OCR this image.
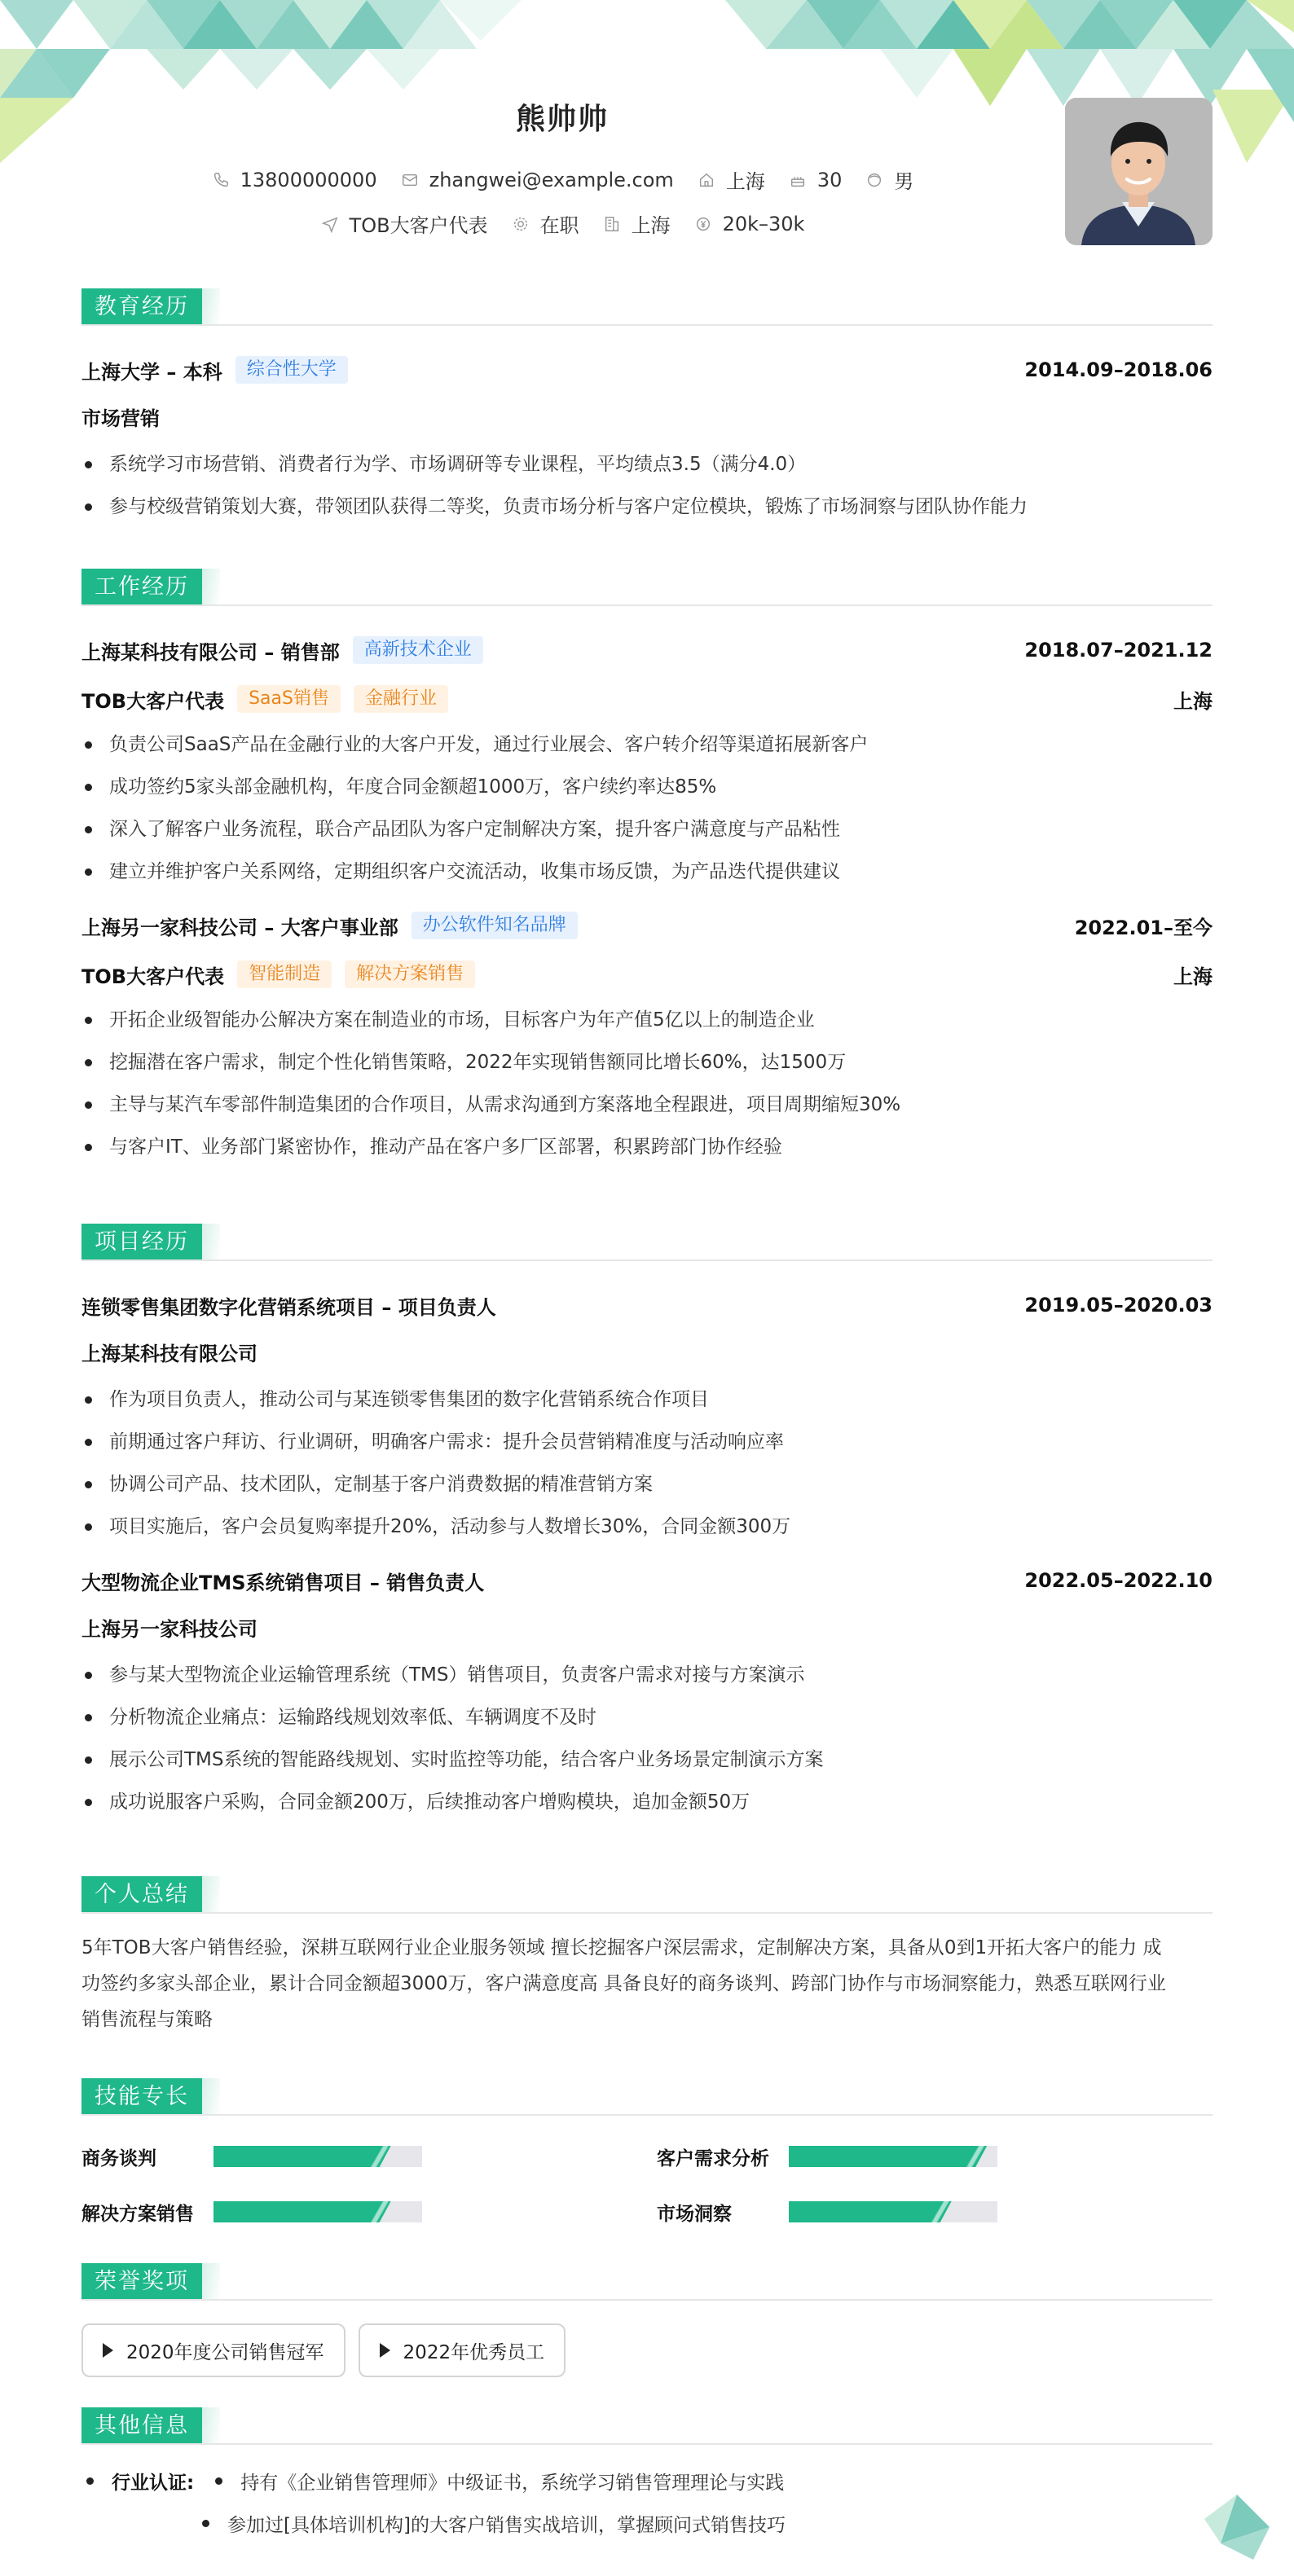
熊帅帅
13800000000	zhangwei@example.com	上海	30	男
TOB大客户代表	在职	上海	20k–30k
教育经历
上海大学 – 本科	综合性大学	2014.09–2018.06
市场营销
系统学习市场营销、消费者行为学、市场调研等专业课程，平均绩点3.5（满分4.0）
参与校级营销策划大赛，带领团队获得二等奖，负责市场分析与客户定位模块，锻炼了市场洞察与团队协作能力
工作经历
上海某科技有限公司 – 销售部	高新技术企业	2018.07–2021.12
TOB大客户代表	SaaS销售	金融行业	上海
负责公司SaaS产品在金融行业的大客户开发，通过行业展会、客户转介绍等渠道拓展新客户
成功签约5家头部金融机构，年度合同金额超1000万，客户续约率达85%
深入了解客户业务流程，联合产品团队为客户定制解决方案，提升客户满意度与产品粘性
建立并维护客户关系网络，定期组织客户交流活动，收集市场反馈，为产品迭代提供建议
上海另一家科技公司 – 大客户事业部	办公软件知名品牌	2022.01–至今
TOB大客户代表	智能制造	解决方案销售	上海
开拓企业级智能办公解决方案在制造业的市场，目标客户为年产值5亿以上的制造企业
挖掘潜在客户需求，制定个性化销售策略，2022年实现销售额同比增长60%，达1500万
主导与某汽车零部件制造集团的合作项目，从需求沟通到方案落地全程跟进，项目周期缩短30%
与客户IT、业务部门紧密协作，推动产品在客户多厂区部署，积累跨部门协作经验
项目经历
连锁零售集团数字化营销系统项目 – 项目负责人	2019.05–2020.03
上海某科技有限公司
作为项目负责人，推动公司与某连锁零售集团的数字化营销系统合作项目
前期通过客户拜访、行业调研，明确客户需求：提升会员营销精准度与活动响应率
协调公司产品、技术团队，定制基于客户消费数据的精准营销方案
项目实施后，客户会员复购率提升20%，活动参与人数增长30%，合同金额300万
大型物流企业TMS系统销售项目 – 销售负责人	2022.05–2022.10
上海另一家科技公司
参与某大型物流企业运输管理系统（TMS）销售项目，负责客户需求对接与方案演示
分析物流企业痛点：运输路线规划效率低、车辆调度不及时
展示公司TMS系统的智能路线规划、实时监控等功能，结合客户业务场景定制演示方案
成功说服客户采购，合同金额200万，后续推动客户增购模块，追加金额50万
个人总结
5年TOB大客户销售经验，深耕互联网行业企业服务领域 擅长挖掘客户深层需求，定制解决方案，具备从0到1开拓大客户的能力 成
功签约多家头部企业，累计合同金额超3000万，客户满意度高 具备良好的商务谈判、跨部门协作与市场洞察能力，熟悉互联网行业
销售流程与策略
技能专长
商务谈判	客户需求分析
解决方案销售	市场洞察
荣誉奖项
2020年度公司销售冠军	2022年优秀员工
其他信息
行业认证: 持有《企业销售管理师》中级证书，系统学习销售管理理论与实践
参加过[具体培训机构]的大客户销售实战培训，掌握顾问式销售技巧
